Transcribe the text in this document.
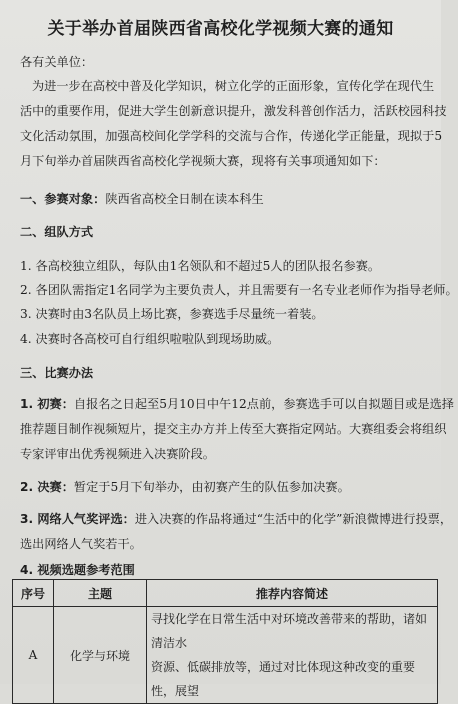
关于举办首届陕西省高校化学视频大赛的通知
各有关单位：
为进一步在高校中普及化学知识，树立化学的正面形象，宣传化学在现代生
活中的重要作用，促进大学生创新意识提升，激发科普创作活力，活跃校园科技
文化活动氛围，加强高校间化学学科的交流与合作，传递化学正能量，现拟于5
月下旬举办首届陕西省高校化学视频大赛，现将有关事项通知如下：
一、参赛对象：陕西省高校全日制在读本科生
二、组队方式
1. 各高校独立组队，每队由1名领队和不超过5人的团队报名参赛。
2. 各团队需指定1名同学为主要负责人，并且需要有一名专业老师作为指导老师。
3. 决赛时由3名队员上场比赛，参赛选手尽量统一着装。
4. 决赛时各高校可自行组织啦啦队到现场助威。
三、比赛办法
1. 初赛：自报名之日起至5月10日中午12点前，参赛选手可以自拟题目或是选择
推荐题目制作视频短片，提交主办方并上传至大赛指定网站。大赛组委会将组织
专家评审出优秀视频进入决赛阶段。
2. 决赛：暂定于5月下旬举办，由初赛产生的队伍参加决赛。
3. 网络人气奖评选：进入决赛的作品将通过“生活中的化学”新浪微博进行投票，
选出网络人气奖若干。
4. 视频选题参考范围
序号	主题	推荐内容简述
A	化学与环境	寻找化学在日常生活中对环境改善带来的帮助，诸如清洁水
资源、低碳排放等，通过对比体现这种改变的重要性，展望
